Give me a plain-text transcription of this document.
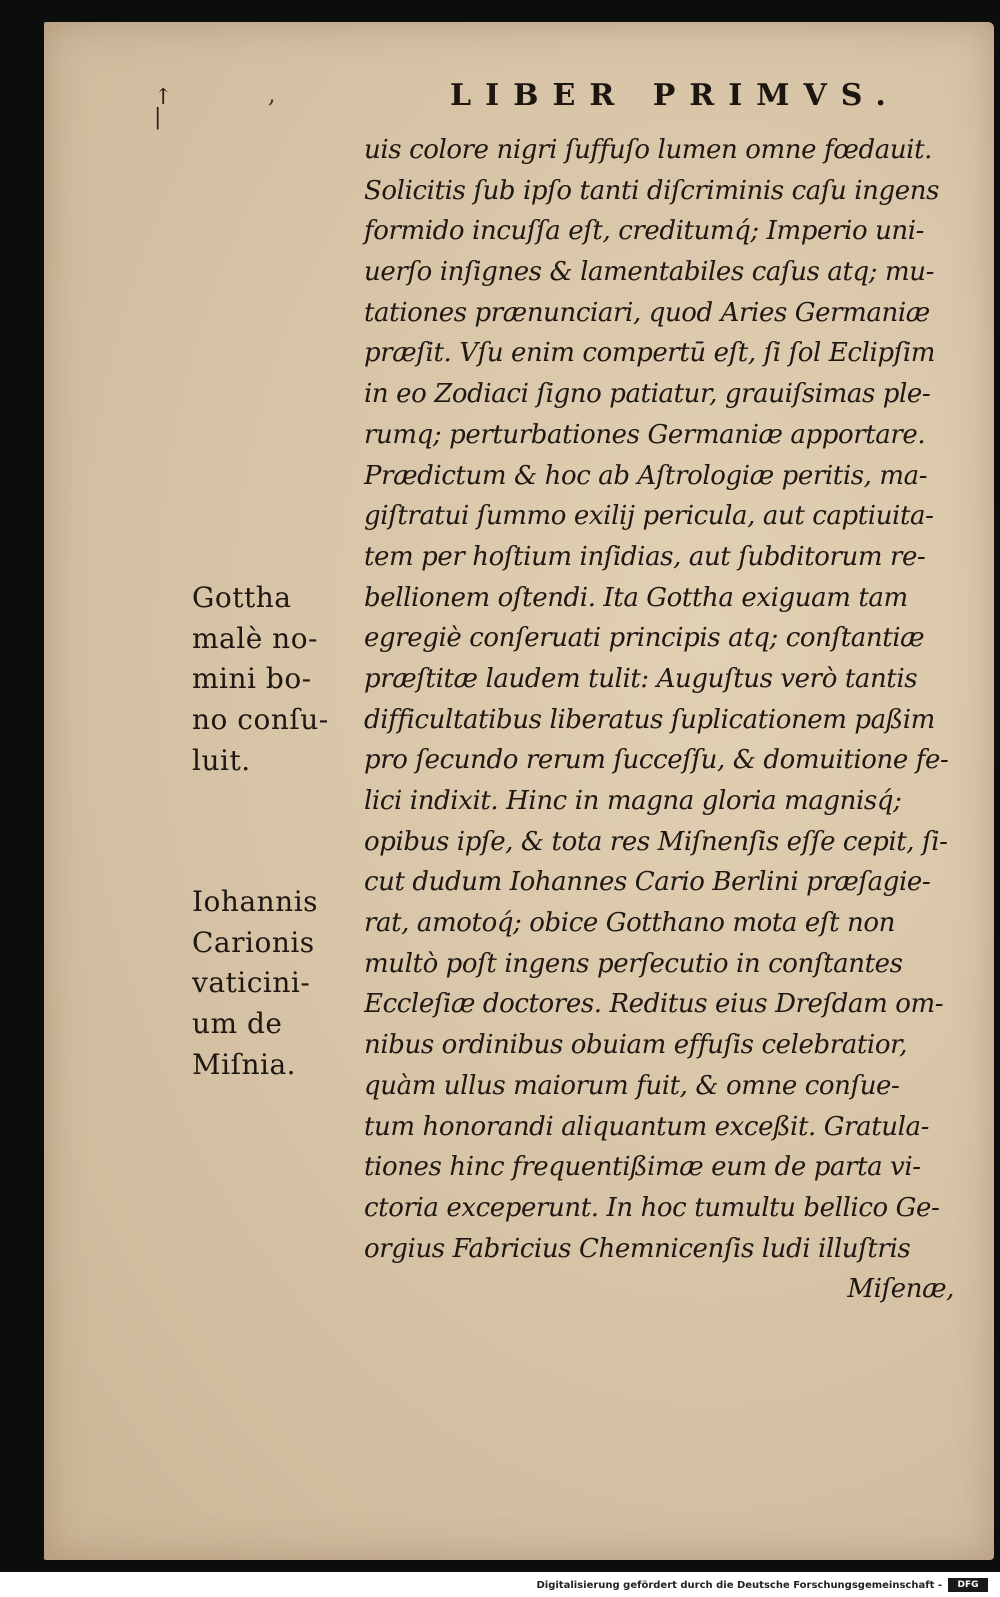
↑
|
,	LIBER PRIMVS.
uis colore nigri ſuffuſo lumen omne fœdauit.
Solicitis ſub ipſo tanti diſcriminis caſu ingens
formido incuſſa eſt, creditumq́; Imperio uni-
uerſo inſignes & lamentabiles caſus atq; mu-
tationes prænunciari, quod Aries Germaniæ
præſit. Vſu enim compertū eſt, ſi ſol Eclipſim
in eo Zodiaci ſigno patiatur, grauiſsimas ple-
rumq; perturbationes Germaniæ apportare.
Prædictum & hoc ab Aſtrologiæ peritis, ma-
giſtratui ſummo exilij pericula, aut captiuita-
tem per hoſtium inſidias, aut ſubditorum re-
bellionem oſtendi. Ita Gottha exiguam tam
egregiè conſeruati principis atq; conſtantiæ
præſtitæ laudem tulit: Auguſtus verò tantis
difficultatibus liberatus ſuplicationem paßim
pro ſecundo rerum ſucceſſu, & domuitione fe-
lici indixit. Hinc in magna gloria magnisq́;
opibus ipſe, & tota res Miſnenſis eſſe cepit, ſi-
cut dudum Iohannes Cario Berlini præſagie-
rat, amotoq́; obice Gotthano mota eſt non
multò poſt ingens perſecutio in conſtantes
Eccleſiæ doctores. Reditus eius Dreſdam om-
nibus ordinibus obuiam effuſis celebratior,
quàm ullus maiorum fuit, & omne conſue-
tum honorandi aliquantum exceßit. Gratula-
tiones hinc frequentißimæ eum de parta vi-
ctoria exceperunt. In hoc tumultu bellico Ge-
orgius Fabricius Chemnicenſis ludi illuſtris
Miſenæ,
Gottha
malè no-
mini bo-
no conſu-
luit.
Iohannis
Carionis
vaticini-
um de
Miſnia.
Digitalisierung gefördert durch die Deutsche Forschungsgemeinschaft -	DFG
